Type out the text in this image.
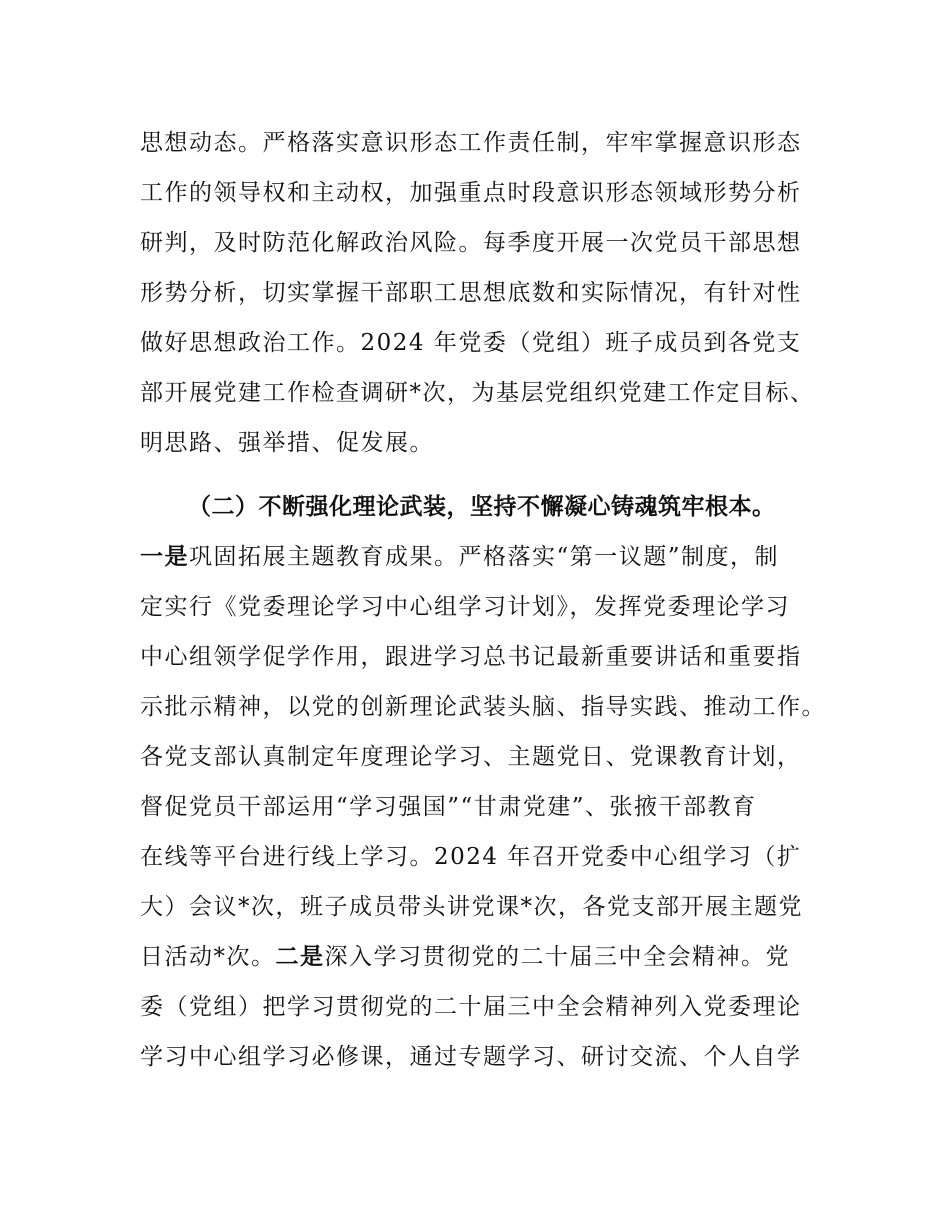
思想动态。严格落实意识形态工作责任制，牢牢掌握意识形态
工作的领导权和主动权，加强重点时段意识形态领域形势分析
研判，及时防范化解政治风险。每季度开展一次党员干部思想
形势分析，切实掌握干部职工思想底数和实际情况，有针对性
做好思想政治工作。2024 年党委（党组）班子成员到各党支
部开展党建工作检查调研*次，为基层党组织党建工作定目标、
明思路、强举措、促发展。
（二）不断强化理论武装，坚持不懈凝心铸魂筑牢根本。
一是巩固拓展主题教育成果。严格落实“第一议题”制度，制
定实行《党委理论学习中心组学习计划》，发挥党委理论学习
中心组领学促学作用，跟进学习总书记最新重要讲话和重要指
示批示精神，以党的创新理论武装头脑、指导实践、推动工作。
各党支部认真制定年度理论学习、主题党日、党课教育计划，
督促党员干部运用“学习强国”“甘肃党建”、张掖干部教育
在线等平台进行线上学习。2024 年召开党委中心组学习（扩
大）会议*次，班子成员带头讲党课*次，各党支部开展主题党
日活动*次。二是深入学习贯彻党的二十届三中全会精神。党
委（党组）把学习贯彻党的二十届三中全会精神列入党委理论
学习中心组学习必修课，通过专题学习、研讨交流、个人自学
